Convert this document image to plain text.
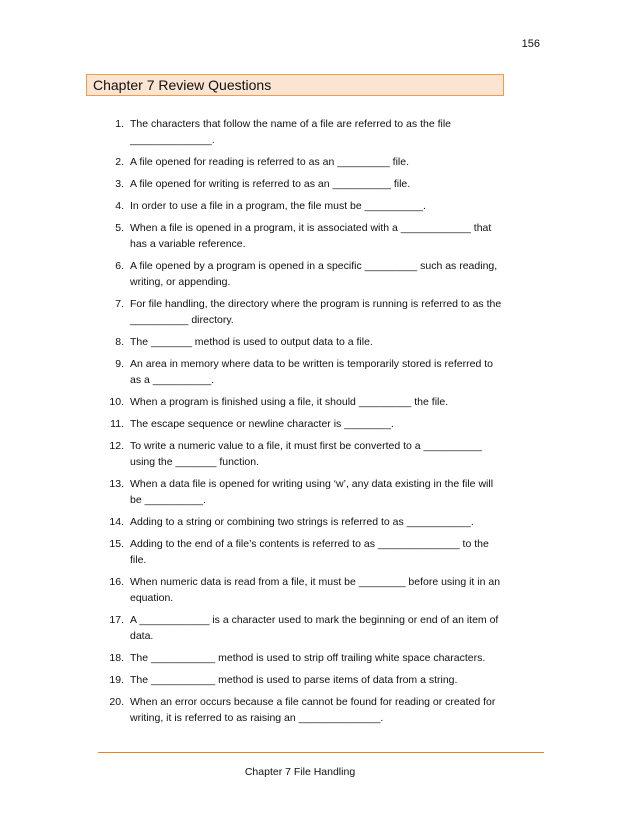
156
Chapter 7 Review Questions
1. The characters that follow the name of a file are referred to as the file ______________.
2. A file opened for reading is referred to as an _________ file.
3. A file opened for writing is referred to as an __________ file.
4. In order to use a file in a program, the file must be __________.
5. When a file is opened in a program, it is associated with a ____________ that has a variable reference.
6. A file opened by a program is opened in a specific _________ such as reading, writing, or appending.
7. For file handling, the directory where the program is running is referred to as the __________ directory.
8. The _______ method is used to output data to a file.
9. An area in memory where data to be written is temporarily stored is referred to as a __________.
10. When a program is finished using a file, it should _________ the file.
11. The escape sequence or newline character is ________.
12. To write a numeric value to a file, it must first be converted to a __________ using the _______ function.
13. When a data file is opened for writing using ‘w’, any data existing in the file will be __________.
14. Adding to a string or combining two strings is referred to as ___________.
15. Adding to the end of a file’s contents is referred to as ______________ to the file.
16. When numeric data is read from a file, it must be ________ before using it in an equation.
17. A ____________ is a character used to mark the beginning or end of an item of data.
18. The ___________ method is used to strip off trailing white space characters.
19. The ___________ method is used to parse items of data from a string.
20. When an error occurs because a file cannot be found for reading or created for writing, it is referred to as raising an ______________.
Chapter 7 File Handling
